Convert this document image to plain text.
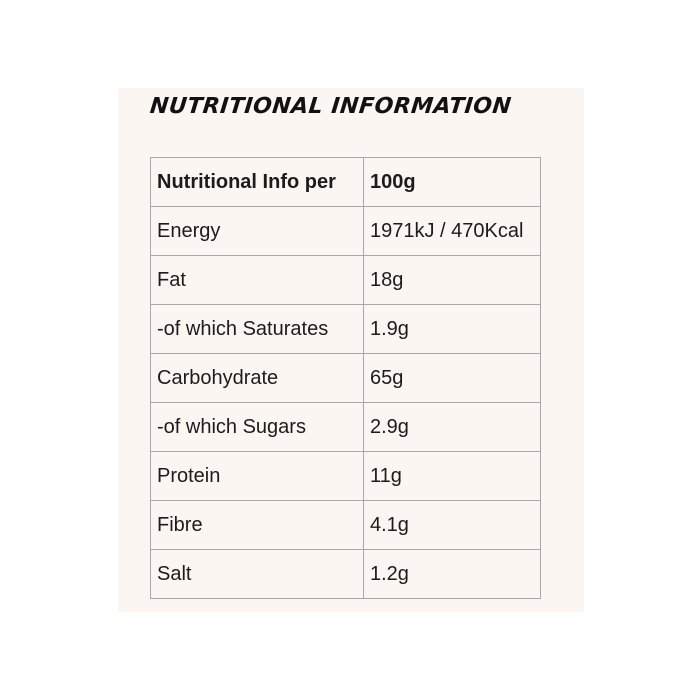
NUTRITIONAL INFORMATION
Nutritional Info per	100g
Energy	1971kJ / 470Kcal
Fat	18g
-of which Saturates	1.9g
Carbohydrate	65g
-of which Sugars	2.9g
Protein	11g
Fibre	4.1g
Salt	1.2g
